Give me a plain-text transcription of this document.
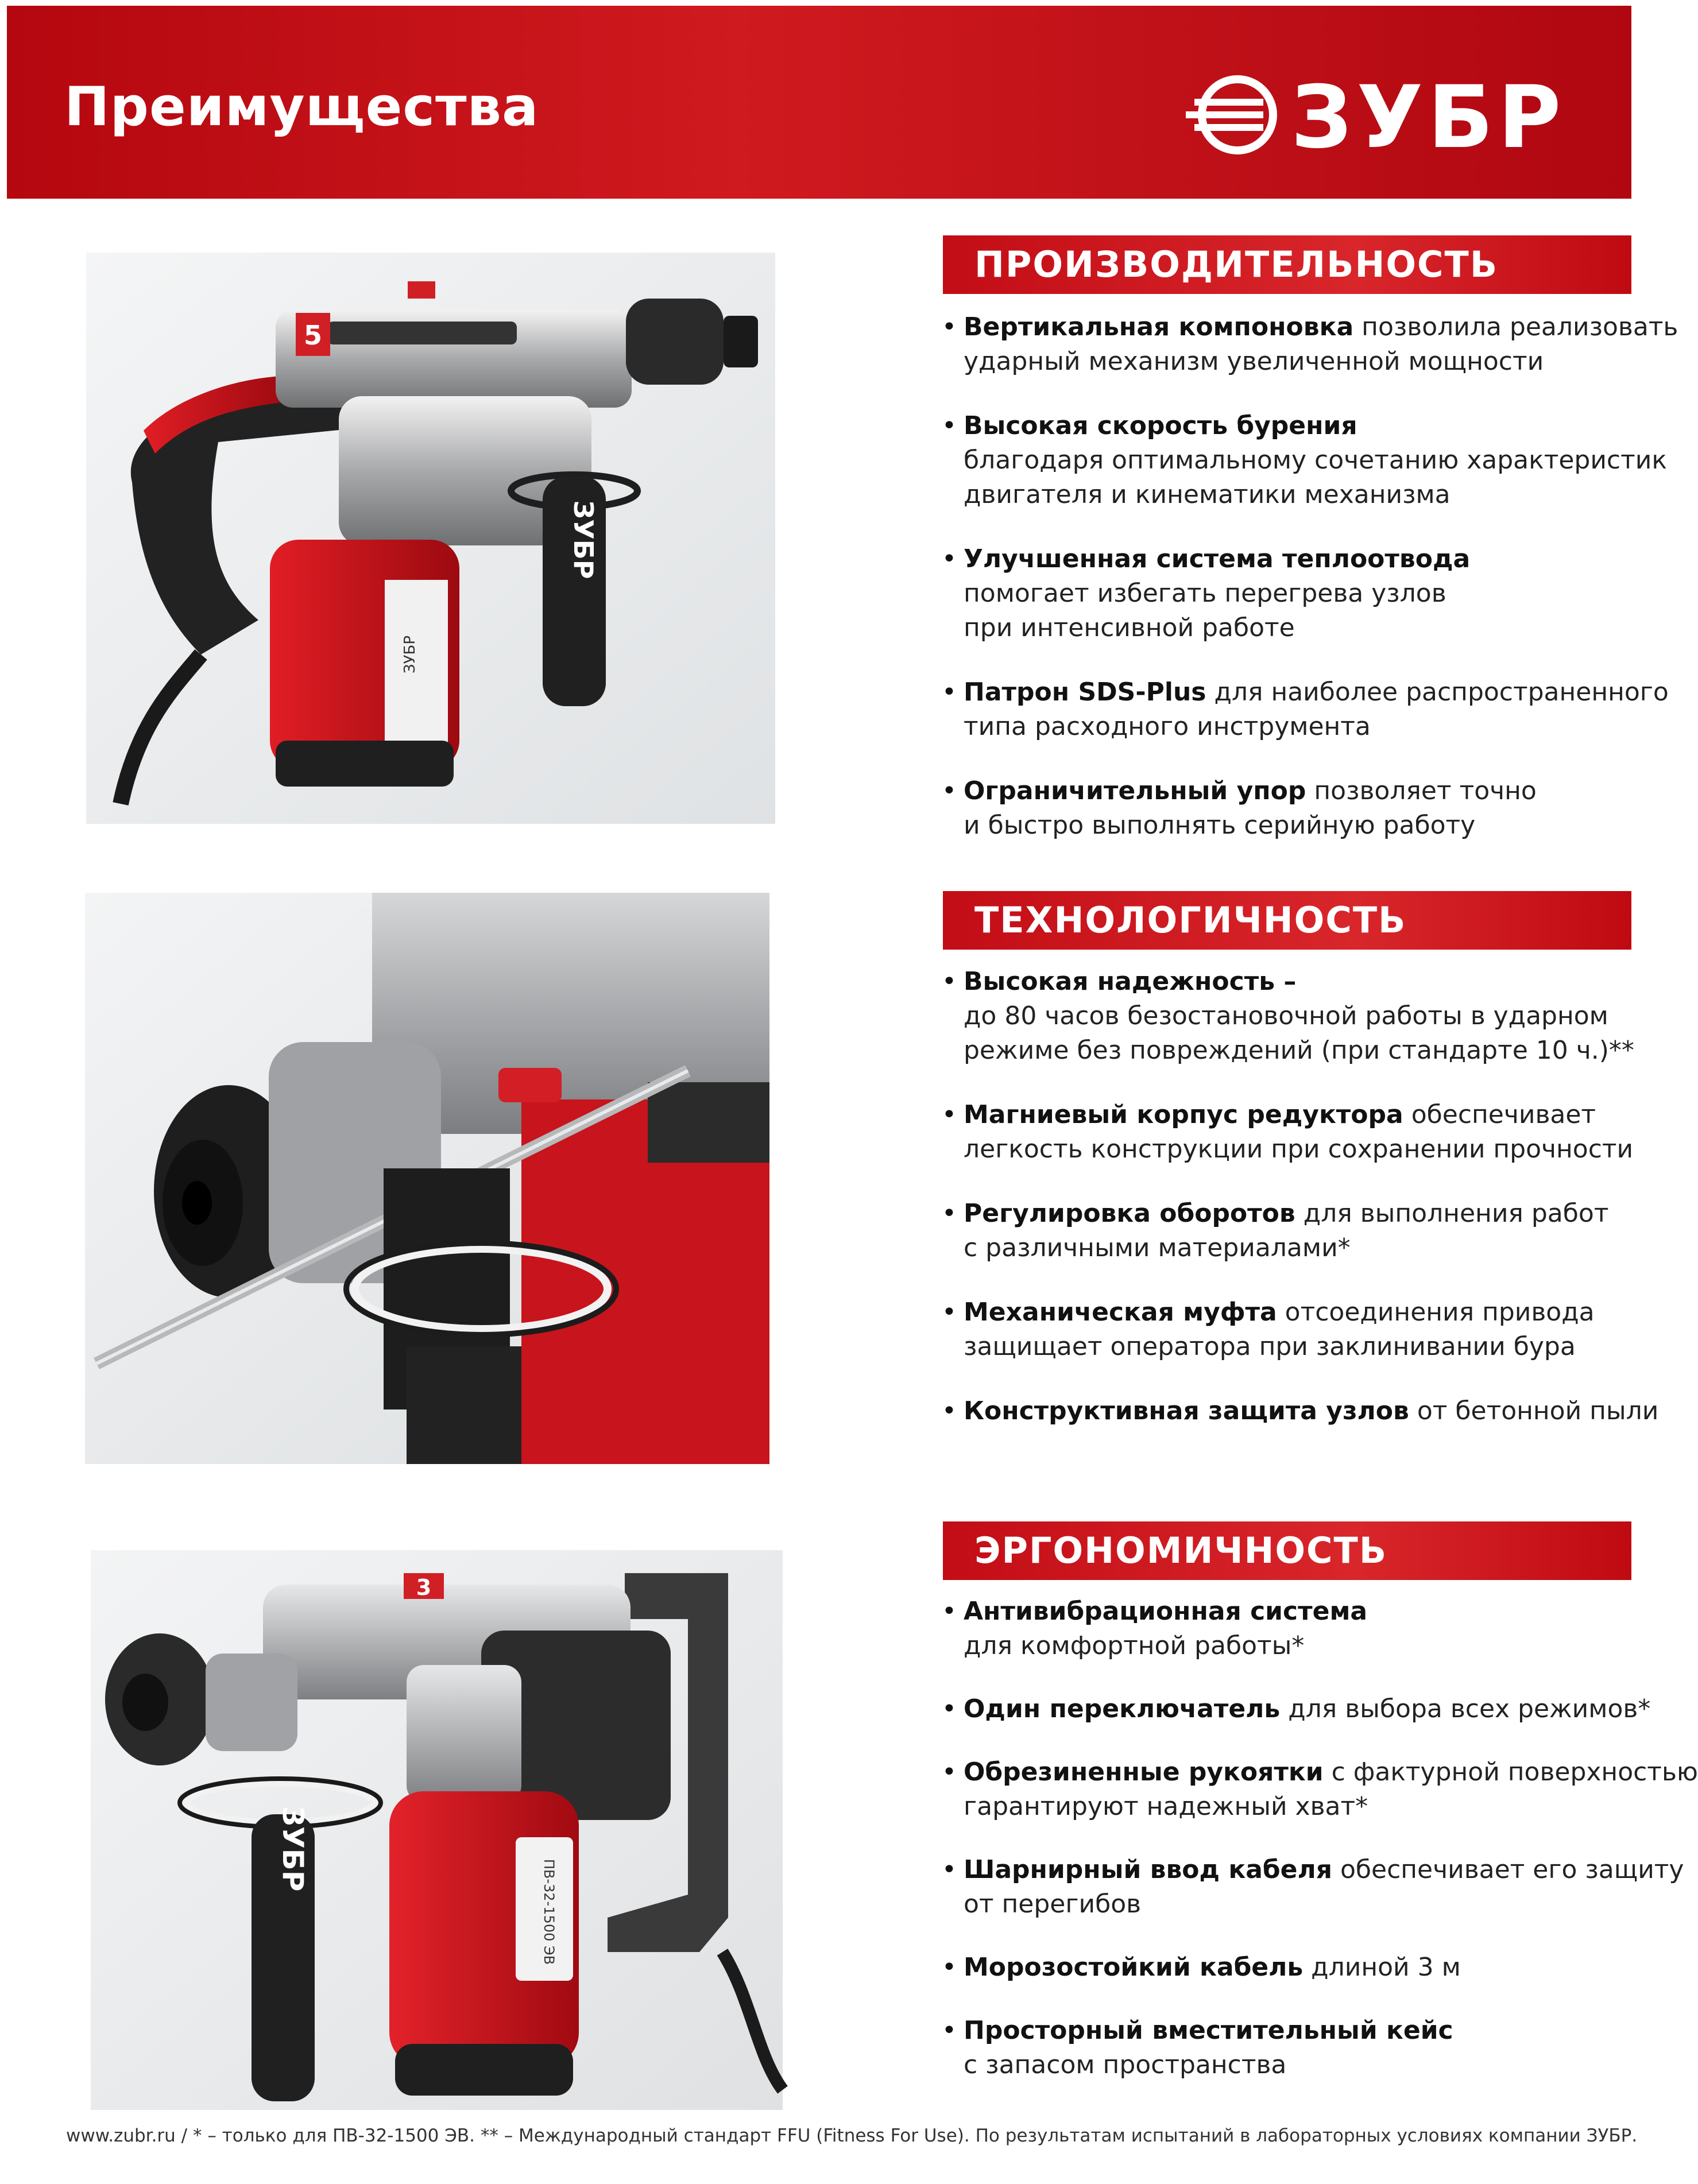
Преимущества	ЗУБР
ЗУБР
ЗУБР
5
ЗУБР
ПВ-32-1500 ЭВ
3
ПРОИЗВОДИТЕЛЬНОСТЬ
• Вертикальная компоновка позволила реализовать
ударный механизм увеличенной мощности
• Высокая скорость бурения
благодаря оптимальному сочетанию характеристик
двигателя и кинематики механизма
• Улучшенная система теплоотвода
помогает избегать перегрева узлов
при интенсивной работе
• Патрон SDS-Plus для наиболее распространенного
типа расходного инструмента
• Ограничительный упор позволяет точно
и быстро выполнять серийную работу
ТЕХНОЛОГИЧНОСТЬ
• Высокая надежность –
до 80 часов безостановочной работы в ударном
режиме без повреждений (при стандарте 10 ч.)**
• Магниевый корпус редуктора обеспечивает
легкость конструкции при сохранении прочности
• Регулировка оборотов для выполнения работ
с различными материалами*
• Механическая муфта отсоединения привода
защищает оператора при заклинивании бура
• Конструктивная защита узлов от бетонной пыли
ЭРГОНОМИЧНОСТЬ
• Антивибрационная система
для комфортной работы*
• Один переключатель для выбора всех режимов*
• Обрезиненные рукоятки с фактурной поверхностью
гарантируют надежный хват*
• Шарнирный ввод кабеля обеспечивает его защиту
от перегибов
• Морозостойкий кабель длиной 3 м
• Просторный вместительный кейс
с запасом пространства
www.zubr.ru / * – только для ПВ-32-1500 ЭВ. ** – Международный стандарт FFU (Fitness For Use). По результатам испытаний в лабораторных условиях компании ЗУБР.
